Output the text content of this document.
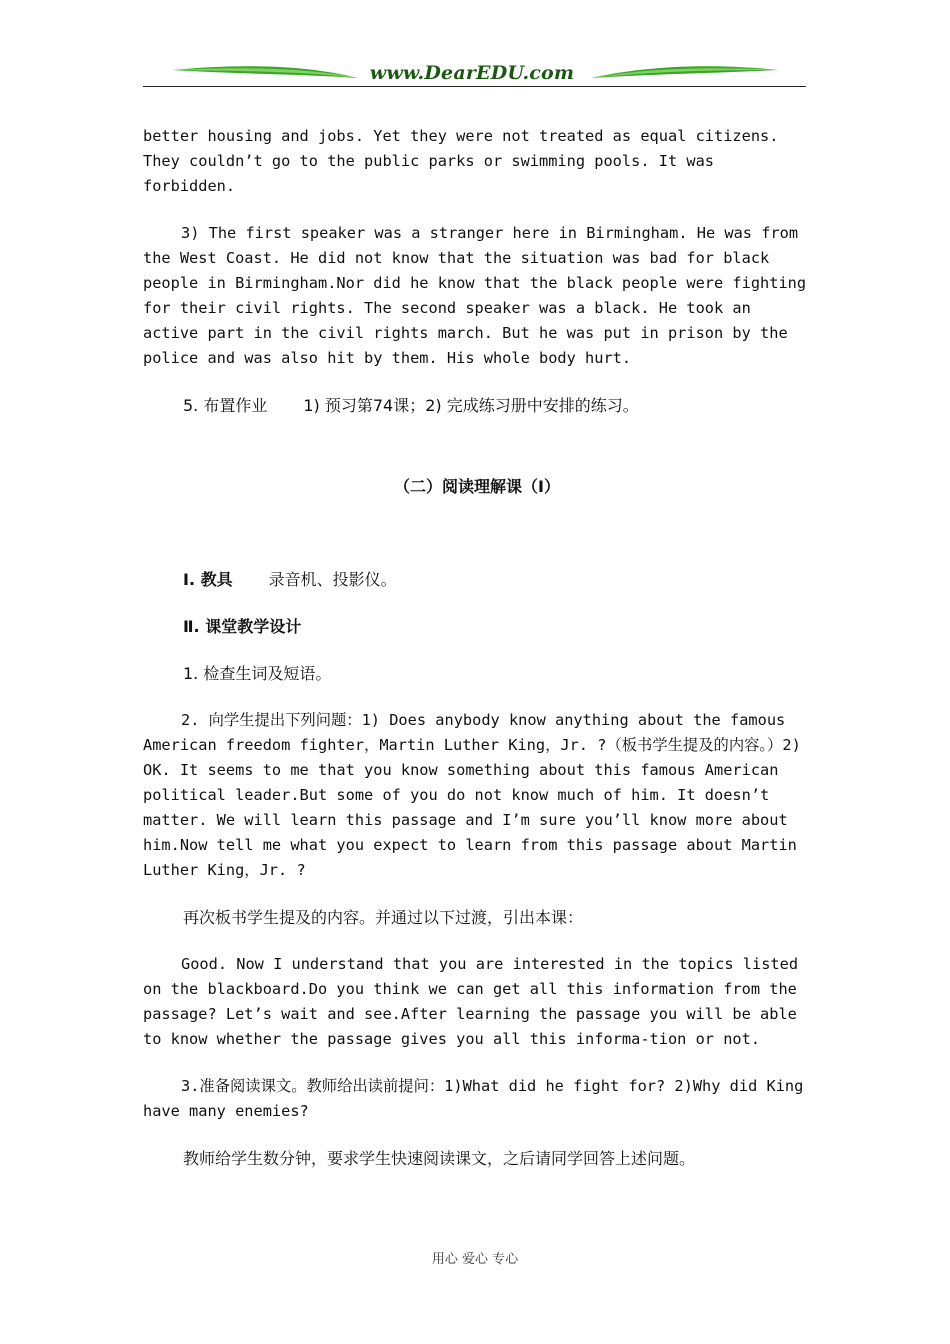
www.DearEDU.com

better housing and jobs. Yet they were not treated as equal citizens. They couldn’t go to the public parks or swimming pools. It was forbidden.

3) The first speaker was a stranger here in Birmingham. He was from the West Coast. He did not know that the situation was bad for black people in Birmingham.Nor did he know that the black people were fighting for their civil rights. The second speaker was a black. He took an active part in the civil rights march. But he was put in prison by the police and was also hit by them. His whole body hurt.

5. 布置作业 1) 预习第74课；2) 完成练习册中安排的练习。

（二）阅读理解课（Ⅰ）

Ⅰ. 教具 录音机、投影仪。

Ⅱ. 课堂教学设计

1. 检查生词及短语。

2. 向学生提出下列问题：1) Does anybody know anything about the famous American freedom fighter，Martin Luther King，Jr. ?（板书学生提及的内容。）2) OK. It seems to me that you know something about this famous American political leader.But some of you do not know much of him. It doesn’t matter. We will learn this passage and I’m sure you’ll know more about him.Now tell me what you expect to learn from this passage about Martin Luther King，Jr. ?

再次板书学生提及的内容。并通过以下过渡，引出本课：

Good. Now I understand that you are interested in the topics listed on the blackboard.Do you think we can get all this information from the passage? Let’s wait and see.After learning the passage you will be able to know whether the passage gives you all this informa-tion or not.

3.准备阅读课文。教师给出读前提问：1)What did he fight for? 2)Why did King have many enemies?

教师给学生数分钟，要求学生快速阅读课文，之后请同学回答上述问题。

用心 爱心 专心
